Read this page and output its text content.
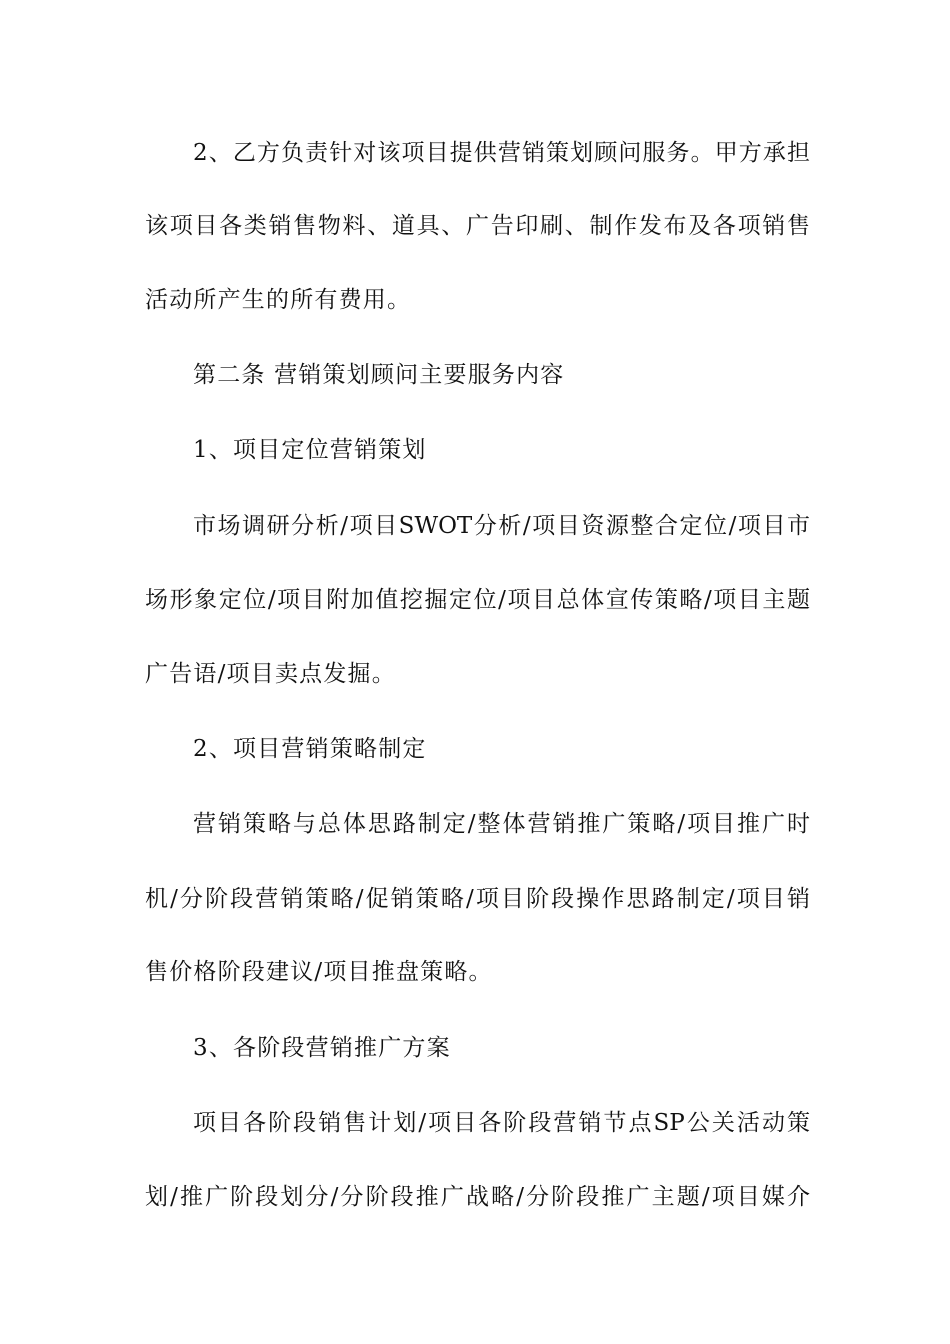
2、乙方负责针对该项目提供营销策划顾问服务。甲方承担
该项目各类销售物料、道具、广告印刷、制作发布及各项销售
活动所产生的所有费用。
第二条 营销策划顾问主要服务内容
1、项目定位营销策划
市场调研分析/项目SWOT分析/项目资源整合定位/项目市
场形象定位/项目附加值挖掘定位/项目总体宣传策略/项目主题
广告语/项目卖点发掘。
2、项目营销策略制定
营销策略与总体思路制定/整体营销推广策略/项目推广时
机/分阶段营销策略/促销策略/项目阶段操作思路制定/项目销
售价格阶段建议/项目推盘策略。
3、各阶段营销推广方案
项目各阶段销售计划/项目各阶段营销节点SP公关活动策
划/推广阶段划分/分阶段推广战略/分阶段推广主题/项目媒介
